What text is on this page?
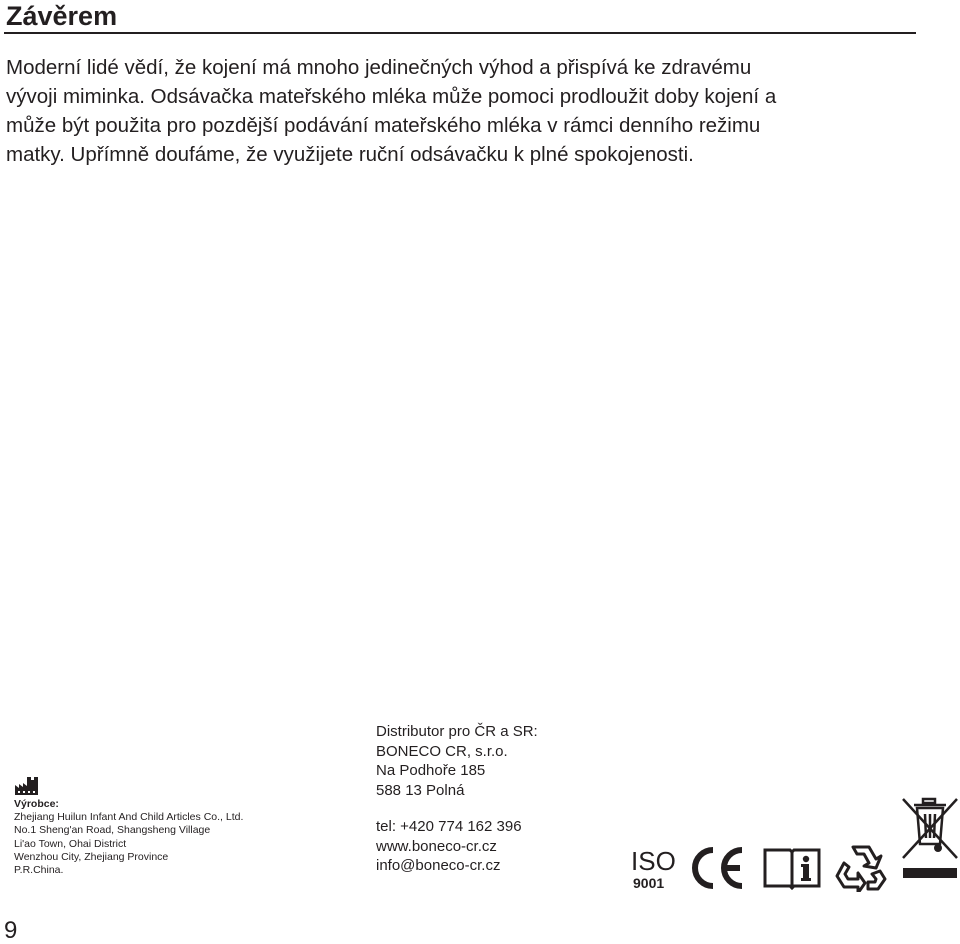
Závěrem

Moderní lidé vědí, že kojení má mnoho jedinečných výhod a přispívá ke zdravému
vývoji miminka. Odsávačka mateřského mléka může pomoci prodloužit doby kojení a
může být použita pro pozdější podávání mateřského mléka v rámci denního režimu
matky. Upřímně doufáme, že využijete ruční odsávačku k plné spokojenosti.

Výrobce:
Zhejiang Huilun Infant And Child Articles Co., Ltd.
No.1 Sheng'an Road, Shangsheng Village
Li'ao Town, Ohai District
Wenzhou City, Zhejiang Province
P.R.China.
Distributor pro ČR a SR:
BONECO CR, s.r.o.
Na Podhoře 185
588 13 Polná
tel: +420 774 162 396
www.boneco-cr.cz
info@boneco-cr.cz	ISO
9001
9
